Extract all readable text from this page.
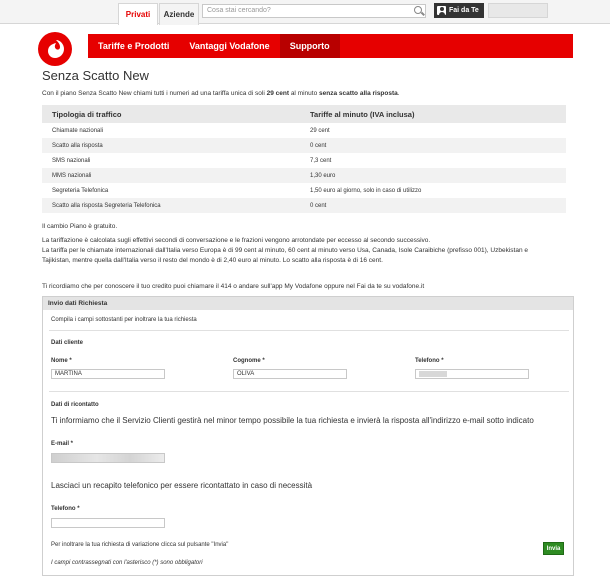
Privati	Aziende	Cosa stai cercando?	Fai da Te
Tariffe e Prodotti	Vantaggi Vodafone	Supporto
Senza Scatto New
Con il piano Senza Scatto New chiami tutti i numeri ad una tariffa unica di soli 29 cent al minuto senza scatto alla risposta.
Tipologia di traffico	Tariffe al minuto (IVA inclusa)
Chiamate nazionali	29 cent
Scatto alla risposta	0 cent
SMS nazionali	7,3 cent
MMS nazionali	1,30 euro
Segreteria Telefonica	1,50 euro al giorno, solo in caso di utilizzo
Scatto alla risposta Segreteria Telefonica	0 cent
Il cambio Piano è gratuito.
La tariffazione è calcolata sugli effettivi secondi di conversazione e le frazioni vengono arrotondate per eccesso al secondo successivo.
La tariffa per le chiamate internazionali dall'Italia verso Europa è di 99 cent al minuto, 60 cent al minuto verso Usa, Canada, Isole Caraibiche (prefisso 001), Uzbekistan e
Tajikistan, mentre quella dall'Italia verso il resto del mondo è di 2,40 euro al minuto. Lo scatto alla risposta è di 16 cent.
Ti ricordiamo che per conoscere il tuo credito puoi chiamare il 414 o andare sull'app My Vodafone oppure nel Fai da te su vodafone.it
Invio dati Richiesta
Compila i campi sottostanti per inoltrare la tua richiesta
Dati cliente
Nome *
MARTINA
Cognome *
OLIVA
Telefono *
Dati di ricontatto
Ti informiamo che il Servizio Clienti gestirà nel minor tempo possibile la tua richiesta e invierà la risposta all'indirizzo e-mail sotto indicato
E-mail *
Lasciaci un recapito telefonico per essere ricontattato in caso di necessità
Telefono *
Per inoltrare la tua richiesta di variazione clicca sul pulsante "Invia"
Invia
I campi contrassegnati con l'asterisco (*) sono obbligatori
